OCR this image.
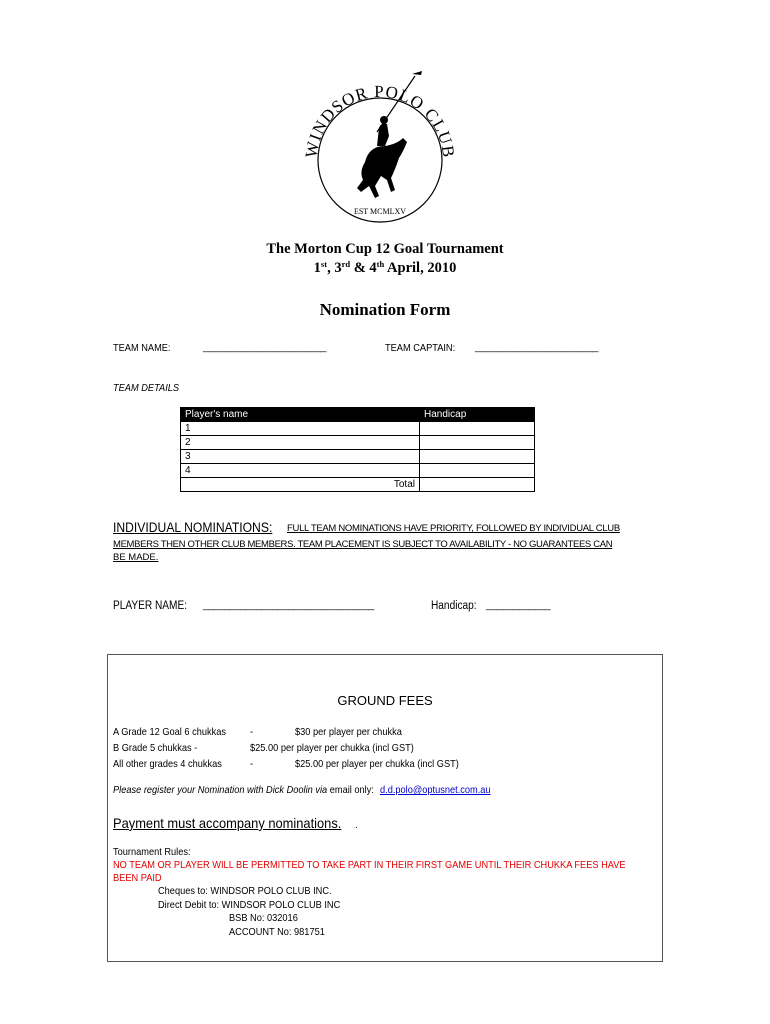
WINDSOR POLO CLUB
EST MCMLXV
The Morton Cup 12 Goal Tournament
1st, 3rd & 4th April, 2010
Nomination Form
TEAM NAME:	_______________________	TEAM CAPTAIN: _______________________
TEAM DETAILS
Player's name	Handicap
1	
2	
3	
4	
Total	
INDIVIDUAL NOMINATIONS:	FULL TEAM NOMINATIONS HAVE PRIORITY, FOLLOWED BY INDIVIDUAL CLUB
MEMBERS THEN OTHER CLUB MEMBERS. TEAM PLACEMENT IS SUBJECT TO AVAILABILITY - NO GUARANTEES CAN
BE MADE.
PLAYER NAME: ________________________________	Handicap: ____________
GROUND FEES
A Grade 12 Goal 6 chukkas -	$30 per player per chukka
B Grade 5 chukkas -	$25.00 per player per chukka (incl GST)
All other grades 4 chukkas	-	$25.00 per player per chukka (incl GST)
Please register your Nomination with Dick Doolin via email only: d.d.polo@optusnet.com.au
Payment must accompany nominations.	.
Tournament Rules:
NO TEAM OR PLAYER WILL BE PERMITTED TO TAKE PART IN THEIR FIRST GAME UNTIL THEIR CHUKKA FEES HAVE
BEEN PAID
Cheques to: WINDSOR POLO CLUB INC.
Direct Debit to: WINDSOR POLO CLUB INC
BSB No: 032016
ACCOUNT No: 981751
